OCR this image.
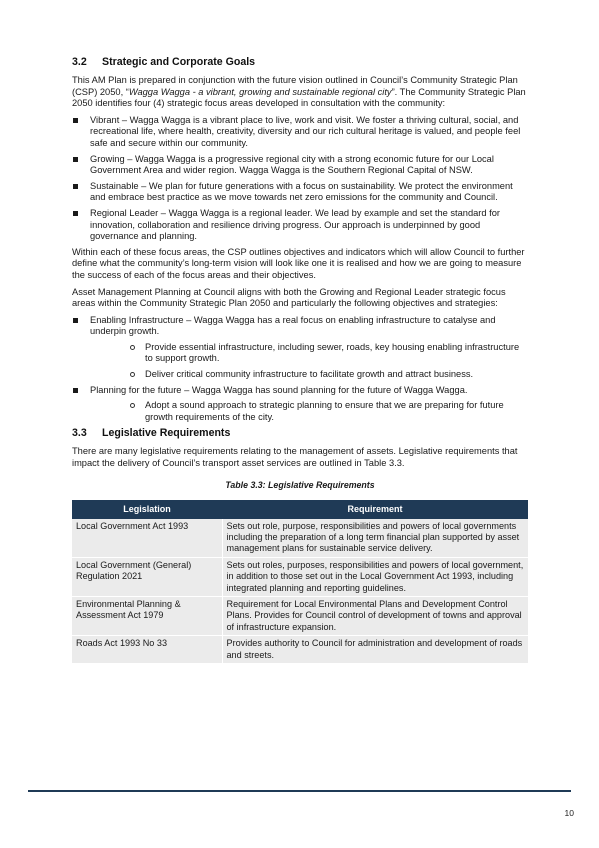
3.2 Strategic and Corporate Goals

This AM Plan is prepared in conjunction with the future vision outlined in Council’s Community Strategic Plan (CSP) 2050, “Wagga Wagga - a vibrant, growing and sustainable regional city”. The Community Strategic Plan 2050 identifies four (4) strategic focus areas developed in consultation with the community:

Vibrant – Wagga Wagga is a vibrant place to live, work and visit. We foster a thriving cultural, social, and recreational life, where health, creativity, diversity and our rich cultural heritage is valued, and people feel safe and secure within our community.
Growing – Wagga Wagga is a progressive regional city with a strong economic future for our Local Government Area and wider region. Wagga Wagga is the Southern Regional Capital of NSW.
Sustainable – We plan for future generations with a focus on sustainability. We protect the environment and embrace best practice as we move towards net zero emissions for the community and Council.
Regional Leader – Wagga Wagga is a regional leader. We lead by example and set the standard for innovation, collaboration and resilience driving progress. Our approach is underpinned by good governance and planning.

Within each of these focus areas, the CSP outlines objectives and indicators which will allow Council to further define what the community’s long-term vision will look like one it is realised and how we are going to measure the success of each of the focus areas and their objectives.

Asset Management Planning at Council aligns with both the Growing and Regional Leader strategic focus areas within the Community Strategic Plan 2050 and particularly the following objectives and strategies:

Enabling Infrastructure – Wagga Wagga has a real focus on enabling infrastructure to catalyse and underpin growth.
Provide essential infrastructure, including sewer, roads, key housing enabling infrastructure to support growth.
Deliver critical community infrastructure to facilitate growth and attract business.
Planning for the future – Wagga Wagga has sound planning for the future of Wagga Wagga.
Adopt a sound approach to strategic planning to ensure that we are preparing for future growth requirements of the city.
3.3 Legislative Requirements

There are many legislative requirements relating to the management of assets. Legislative requirements that impact the delivery of Council’s transport asset services are outlined in Table 3.3.

Table 3.3: Legislative Requirements
Legislation	Requirement
Local Government Act 1993	Sets out role, purpose, responsibilities and powers of local governments including the preparation of a long term financial plan supported by asset management plans for sustainable service delivery.
Local Government (General) Regulation 2021	Sets out roles, purposes, responsibilities and powers of local government, in addition to those set out in the Local Government Act 1993, including integrated planning and reporting guidelines.
Environmental Planning & Assessment Act 1979	Requirement for Local Environmental Plans and Development Control Plans. Provides for Council control of development of towns and approval of infrastructure expansion.
Roads Act 1993 No 33	Provides authority to Council for administration and development of roads and streets.
10
